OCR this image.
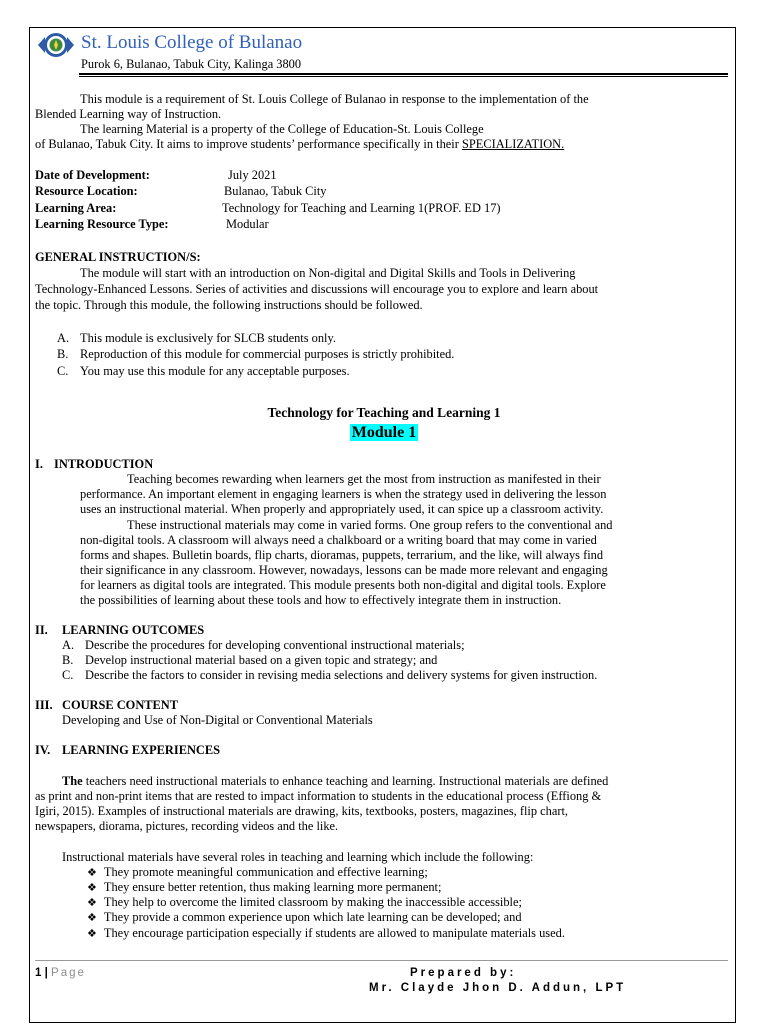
St. Louis College of Bulanao
Purok 6, Bulanao, Tabuk City, Kalinga 3800
This module is a requirement of St. Louis College of Bulanao in response to the implementation of the
Blended Learning way of Instruction.
The learning Material is a property of the College of Education-St. Louis College
of Bulanao, Tabuk City. It aims to improve students’ performance specifically in their SPECIALIZATION.
Date of Development:	July 2021
Resource Location:	Bulanao, Tabuk City
Learning Area:	Technology for Teaching and Learning 1(PROF. ED 17)
Learning Resource Type:	Modular
GENERAL INSTRUCTION/S:
The module will start with an introduction on Non-digital and Digital Skills and Tools in Delivering
Technology-Enhanced Lessons. Series of activities and discussions will encourage you to explore and learn about
the topic. Through this module, the following instructions should be followed.
A. This module is exclusively for SLCB students only.
B. Reproduction of this module for commercial purposes is strictly prohibited.
C. You may use this module for any acceptable purposes.
Technology for Teaching and Learning 1
Module 1
I. INTRODUCTION
Teaching becomes rewarding when learners get the most from instruction as manifested in their
performance. An important element in engaging learners is when the strategy used in delivering the lesson
uses an instructional material. When properly and appropriately used, it can spice up a classroom activity.
These instructional materials may come in varied forms. One group refers to the conventional and
non-digital tools. A classroom will always need a chalkboard or a writing board that may come in varied
forms and shapes. Bulletin boards, flip charts, dioramas, puppets, terrarium, and the like, will always find
their significance in any classroom. However, nowadays, lessons can be made more relevant and engaging
for learners as digital tools are integrated. This module presents both non-digital and digital tools. Explore
the possibilities of learning about these tools and how to effectively integrate them in instruction.
II. LEARNING OUTCOMES
A. Describe the procedures for developing conventional instructional materials;
B. Develop instructional material based on a given topic and strategy; and
C. Describe the factors to consider in revising media selections and delivery systems for given instruction.
III. COURSE CONTENT
Developing and Use of Non-Digital or Conventional Materials
IV. LEARNING EXPERIENCES
The teachers need instructional materials to enhance teaching and learning. Instructional materials are defined
as print and non-print items that are rested to impact information to students in the educational process (Effiong &
Igiri, 2015). Examples of instructional materials are drawing, kits, textbooks, posters, magazines, flip chart,
newspapers, diorama, pictures, recording videos and the like.
Instructional materials have several roles in teaching and learning which include the following:
❖ They promote meaningful communication and effective learning;
❖ They ensure better retention, thus making learning more permanent;
❖ They help to overcome the limited classroom by making the inaccessible accessible;
❖ They provide a common experience upon which late learning can be developed; and
❖ They encourage participation especially if students are allowed to manipulate materials used.
1 | Page	Prepared by:
Mr. Clayde Jhon D. Addun, LPT
